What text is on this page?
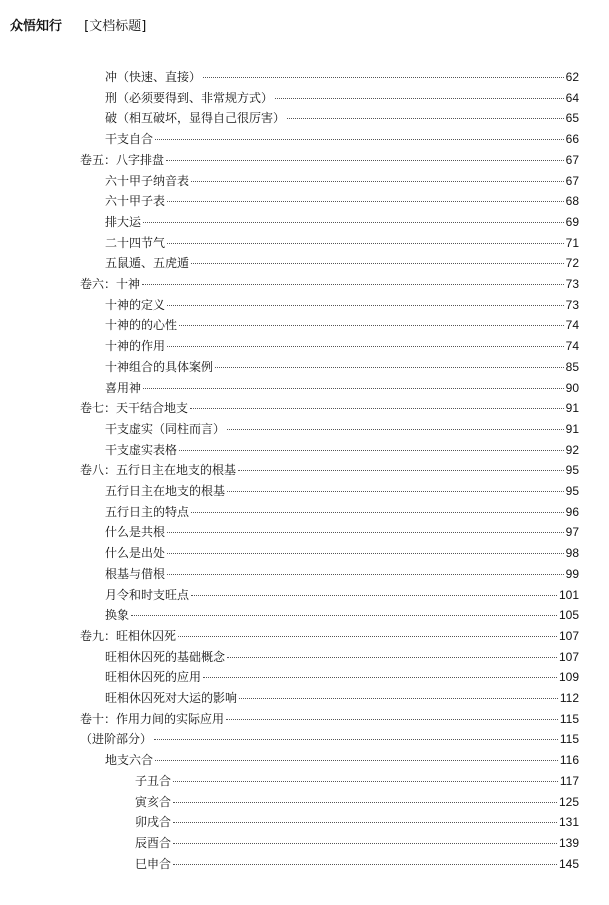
众悟知行 [文档标题]
冲（快速、直接）	62
刑（必须要得到、非常规方式）	64
破（相互破坏，显得自己很厉害）	65
干支自合	66
卷五：八字排盘	67
六十甲子纳音表	67
六十甲子表	68
排大运	69
二十四节气	71
五鼠遁、五虎遁	72
卷六：十神	73
十神的定义	73
十神的的心性	74
十神的作用	74
十神组合的具体案例	85
喜用神	90
卷七：天干结合地支	91
干支虚实（同柱而言）	91
干支虚实表格	92
卷八：五行日主在地支的根基	95
五行日主在地支的根基	95
五行日主的特点	96
什么是共根	97
什么是出处	98
根基与借根	99
月令和时支旺点	101
换象	105
卷九：旺相休囚死	107
旺相休囚死的基础概念	107
旺相休囚死的应用	109
旺相休囚死对大运的影响	112
卷十：作用力间的实际应用	115
（进阶部分）	115
地支六合	116
子丑合	117
寅亥合	125
卯戌合	131
辰酉合	139
巳申合	145
